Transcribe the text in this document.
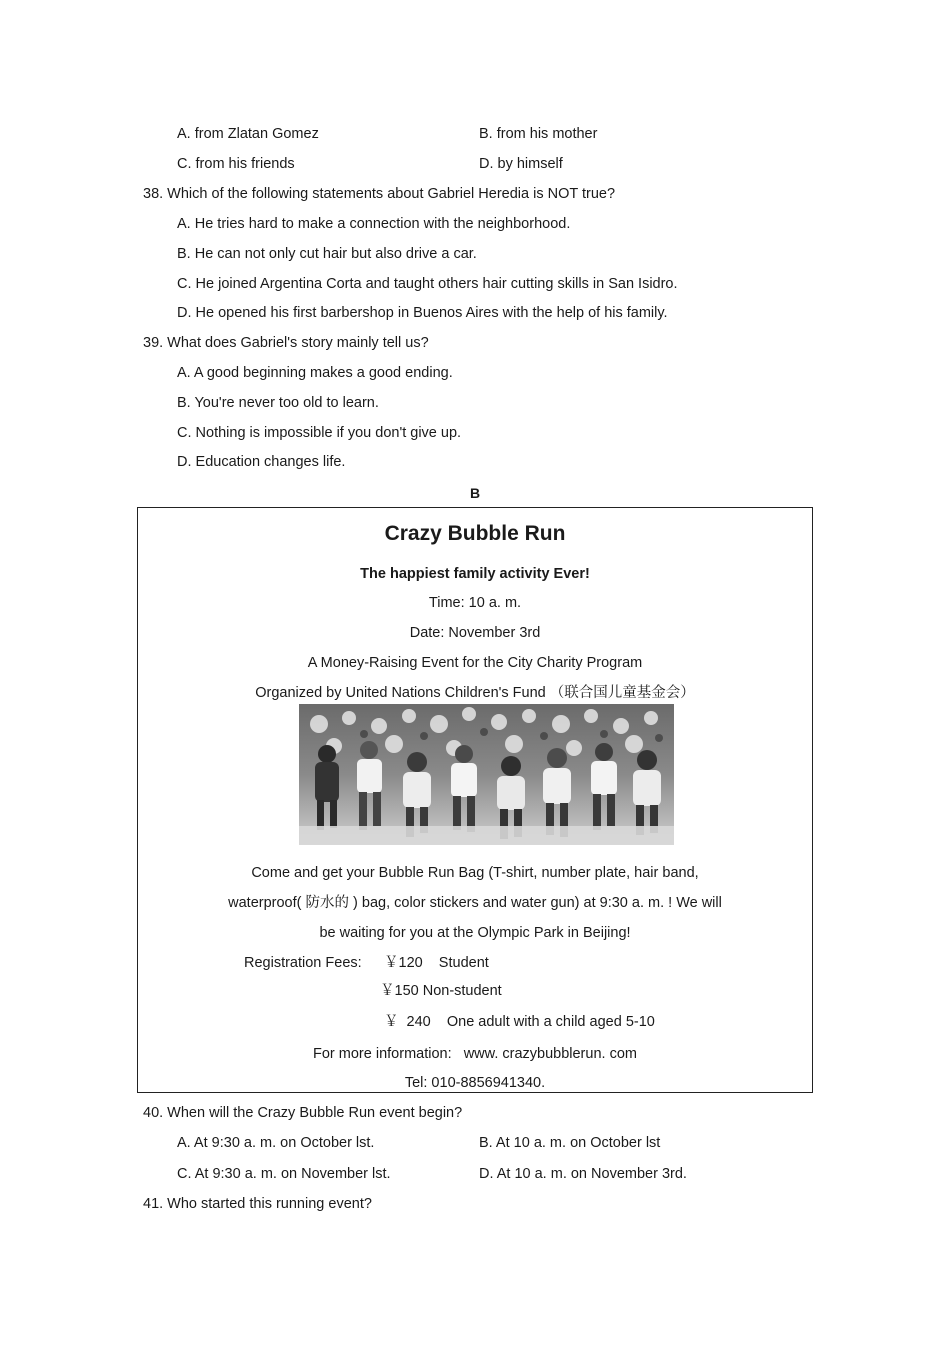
A. from Zlatan Gomez	B. from his mother
C. from his friends	D. by himself
38. Which of the following statements about Gabriel Heredia is NOT true?
A. He tries hard to make a connection with the neighborhood.
B. He can not only cut hair but also drive a car.
C. He joined Argentina Corta and taught others hair cutting skills in San Isidro.
D. He opened his first barbershop in Buenos Aires with the help of his family.
39. What does Gabriel's story mainly tell us?
A. A good beginning makes a good ending.
B. You're never too old to learn.
C. Nothing is impossible if you don't give up.
D. Education changes life.
B
Crazy Bubble Run
The happiest family activity Ever!
Time: 10 a. m.
Date: November 3rd
A Money-Raising Event for the City Charity Program
Organized by United Nations Children's Fund （联合国儿童基金会）
Come and get your Bubble Run Bag (T-shirt, number plate, hair band,
waterproof( 防水的 ) bag, color stickers and water gun) at 9:30 a. m. ! We will
be waiting for you at the Olympic Park in Beijing!
Registration Fees: ￥120    Student
￥150 Non-student
￥  240    One adult with a child aged 5-10
For more information:   www. crazybubblerun. com
Tel: 010-8856941340.
40. When will the Crazy Bubble Run event begin?
A. At 9:30 a. m. on October lst.	B. At 10 a. m. on October lst
C. At 9:30 a. m. on November lst.	D. At 10 a. m. on November 3rd.
41. Who started this running event?
